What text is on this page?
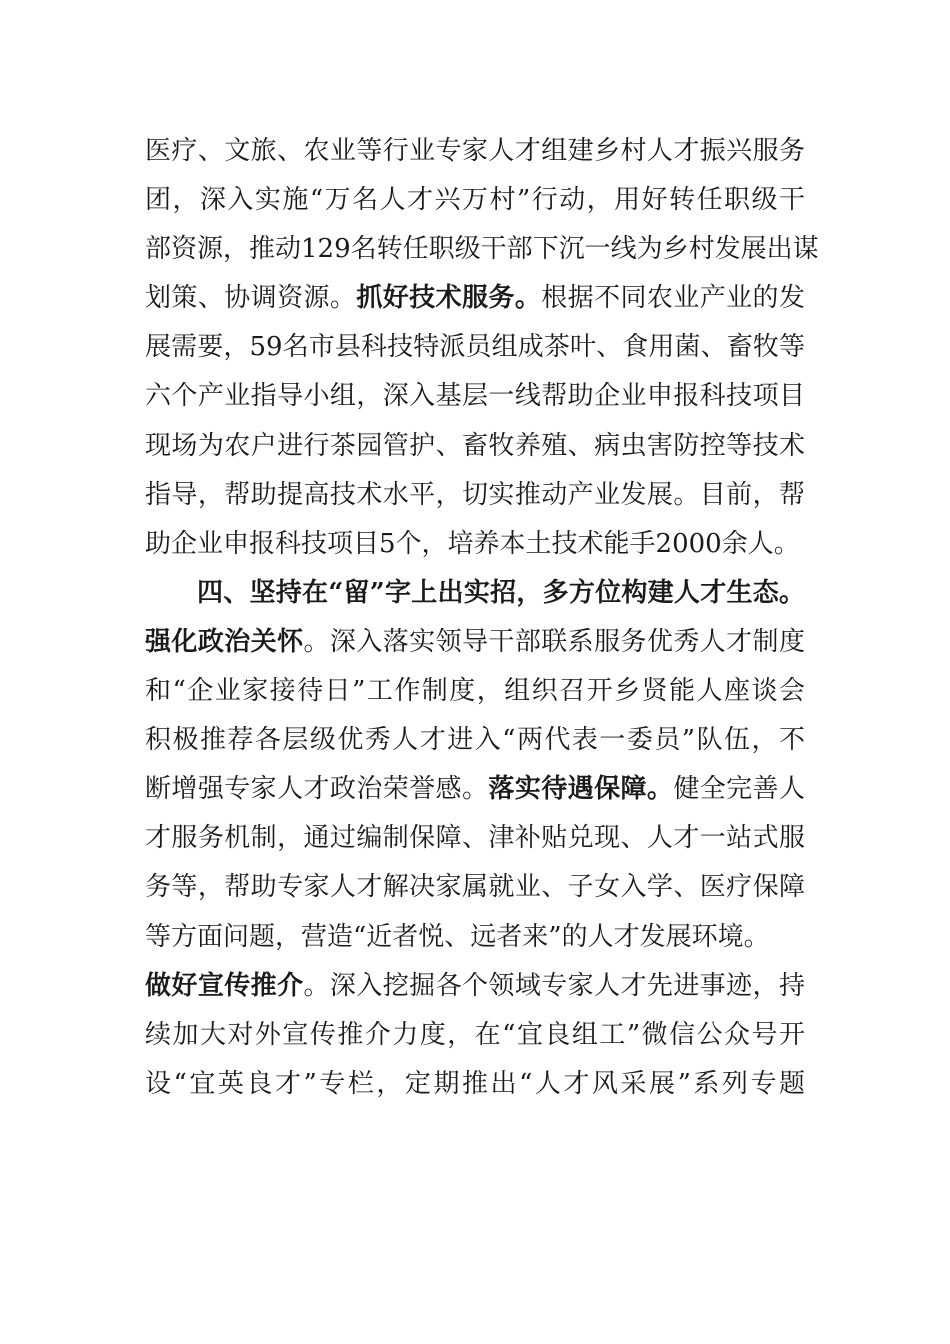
医疗、文旅、农业等行业专家人才组建乡村人才振兴服务
团，深入实施“万名人才兴万村”行动，用好转任职级干
部资源，推动129名转任职级干部下沉一线为乡村发展出谋
划策、协调资源。抓好技术服务。根据不同农业产业的发
展需要，59名市县科技特派员组成茶叶、食用菌、畜牧等
六个产业指导小组，深入基层一线帮助企业申报科技项目
现场为农户进行茶园管护、畜牧养殖、病虫害防控等技术
指导，帮助提高技术水平，切实推动产业发展。目前，帮
助企业申报科技项目5个，培养本土技术能手2000余人。
四、坚持在“留”字上出实招，多方位构建人才生态。
强化政治关怀。深入落实领导干部联系服务优秀人才制度
和“企业家接待日”工作制度，组织召开乡贤能人座谈会
积极推荐各层级优秀人才进入“两代表一委员”队伍，不
断增强专家人才政治荣誉感。落实待遇保障。健全完善人
才服务机制，通过编制保障、津补贴兑现、人才一站式服
务等，帮助专家人才解决家属就业、子女入学、医疗保障
等方面问题，营造“近者悦、远者来”的人才发展环境。
做好宣传推介。深入挖掘各个领域专家人才先进事迹，持
续加大对外宣传推介力度，在“宜良组工”微信公众号开
设“宜英良才”专栏，定期推出“人才风采展”系列专题
